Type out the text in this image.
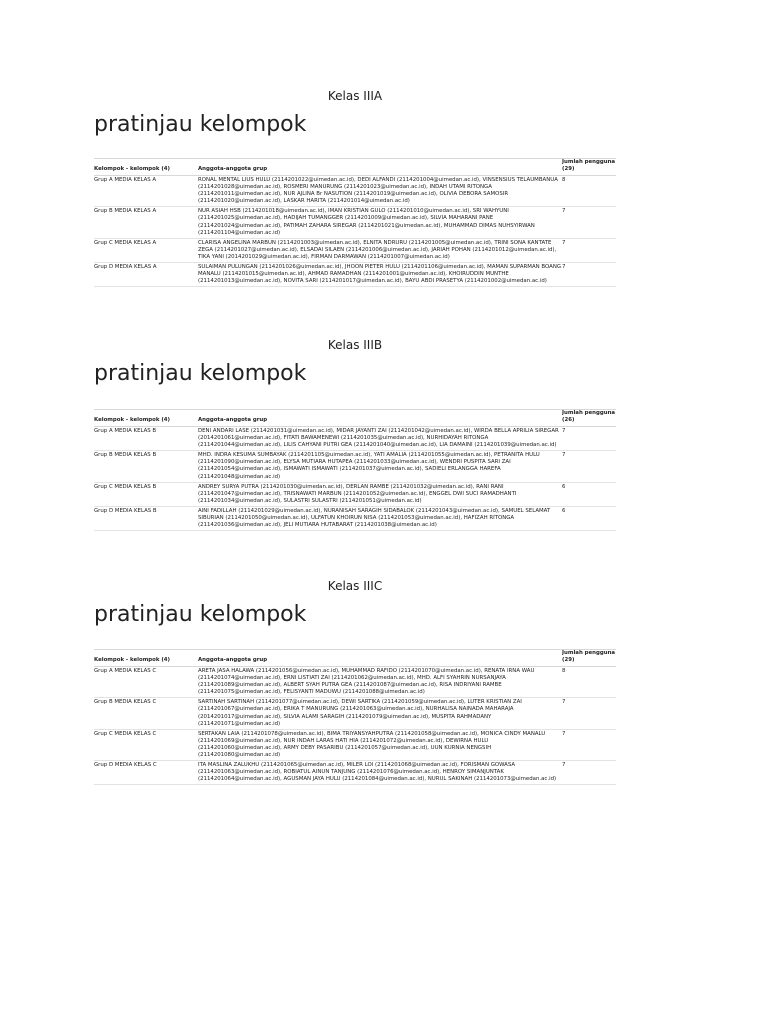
Kelas IIIA
pratinjau kelompok
Kelompok - kelompok (4)	Anggota-anggota grup	Jumlah pengguna (29)
Grup A MEDIA KELAS A	RONAL MENTAL LIUS HULU (2114201022@uimedan.ac.id), DEDI ALFANDI (2114201004@uimedan.ac.id), VINSENSIUS TELAUMBANUA (2114201028@uimedan.ac.id), ROSMERI MANURUNG (2114201023@uimedan.ac.id), INDAH UTAMI RITONGA (2114201011@uimedan.ac.id), NUR AJLINA Br NASUTION (2114201019@uimedan.ac.id), OLIVIA DEBORA SAMOSIR (2114201020@uimedan.ac.id), LASKAR HARITA (2114201014@uimedan.ac.id)	8
Grup B MEDIA KELAS A	NUR ASIAH HSB (2114201018@uimedan.ac.id), IMAN KRISTIAN GULO (2114201010@uimedan.ac.id), SRI WAHYUNI (2114201025@uimedan.ac.id), HADIJAH TUMANGGER (2114201009@uimedan.ac.id), SILVIA MAHARANI PANE (2114201024@uimedan.ac.id), PATIMAH ZAHARA SIREGAR (2114201021@uimedan.ac.id), MUHAMMAD DIMAS NUHSYIRWAN (2114201104@uimedan.ac.id)	7
Grup C MEDIA KELAS A	CLARISA ANGELINA MARBUN (2114201003@uimedan.ac.id), ELNITA NDRURU (2114201005@uimedan.ac.id), TRINI SONA KANTATE ZEGA (2114201027@uimedan.ac.id), ELSADAI SILAEN (2114201006@uimedan.ac.id), JARIAH POHAN (2114201012@uimedan.ac.id), TIKA YANI (2014201029@uimedan.ac.id), FIRMAN DARMAWAN (2114201007@uimedan.ac.id)	7
Grup D MEDIA KELAS A	SULAIMAN PULUNGAN (2114201026@uimedan.ac.id), JHOON PIETER HULU (2114201106@uimedan.ac.id), MAMAN SUPARMAN BOANG MANALU (2114201015@uimedan.ac.id), AHMAD RAMADHAN (2114201001@uimedan.ac.id), KHOIRUDDIN MUNTHE (2114201013@uimedan.ac.id), NOVITA SARI (2114201017@uimedan.ac.id), BAYU ABDI PRASETYA (2114201002@uimedan.ac.id)	7
Kelas IIIB
pratinjau kelompok
Kelompok - kelompok (4)	Anggota-anggota grup	Jumlah pengguna (26)
Grup A MEDIA KELAS B	DENI ANDARI LASE (2114201031@uimedan.ac.id), MIDAR JAYANTI ZAI (2114201042@uimedan.ac.id), WIRDA BELLA APRILIA SIREGAR (2014201061@uimedan.ac.id), FITATI BAWAMENEWI (2114201035@uimedan.ac.id), NURHIDAYAH RITONGA (2114201044@uimedan.ac.id), LILIS CAHYANI PUTRI GEA (2114201040@uimedan.ac.id), LIA DAMAINI (2114201039@uimedan.ac.id)	7
Grup B MEDIA KELAS B	MHD. INDRA KESUMA SUMBAYAK (2114201105@uimedan.ac.id), YATI AMALIA (2114201055@uimedan.ac.id), PETRANITA HULU (2114201090@uimedan.ac.id), ELYSA MUTIARA HUTAPEA (2114201033@uimedan.ac.id), WENDRI PUSPITA SARI ZAI (2114201054@uimedan.ac.id), ISMAWATI ISMAWATI (2114201037@uimedan.ac.id), SADIELI ERLANGGA HAREFA (2114201048@uimedan.ac.id)	7
Grup C MEDIA KELAS B	ANDREY SURYA PUTRA (2114201030@uimedan.ac.id), DERLAN RAMBE (2114201032@uimedan.ac.id), RANI RANI (2114201047@uimedan.ac.id), TRISNAWATI MARBUN (2114201052@uimedan.ac.id), ENGGEL DWI SUCI RAMADHANTI (2114201034@uimedan.ac.id), SULASTRI SULASTRI (2114201051@uimedan.ac.id)	6
Grup D MEDIA KELAS B	AINI FADILLAH (2114201029@uimedan.ac.id), NURANISAH SARAGIH SIDABALOK (2114201043@uimedan.ac.id), SAMUEL SELAMAT SIBURIAN (2114201050@uimedan.ac.id), ULFATUN KHOIRUN NISA (2114201053@uimedan.ac.id), HAFIZAH RITONGA (2114201036@uimedan.ac.id), JELI MUTIARA HUTABARAT (2114201038@uimedan.ac.id)	6
Kelas IIIC
pratinjau kelompok
Kelompok - kelompok (4)	Anggota-anggota grup	Jumlah pengguna (29)
Grup A MEDIA KELAS C	ARETA JASA HALAWA (2114201056@uimedan.ac.id), MUHAMMAD RAFIDO (2114201070@uimedan.ac.id), RENATA IRNA WAU (2114201074@uimedan.ac.id), ERNI LISTIATI ZAI (2114201062@uimedan.ac.id), MHD. ALFI SYAHRIN NURSANJAYA (2114201089@uimedan.ac.id), ALBERT SYAH PUTRA GEA (2114201087@uimedan.ac.id), RISA INDRIYANI RAMBE (2114201075@uimedan.ac.id), FELISYANTI MADUWU (2114201088@uimedan.ac.id)	8
Grup B MEDIA KELAS C	SARTINAH SARTINAH (2114201077@uimedan.ac.id), DEWI SARTIKA (2114201059@uimedan.ac.id), LUTER KRISTIAN ZAI (2114201067@uimedan.ac.id), ERIKA T MANURUNG (2114201063@uimedan.ac.id), NURHALISA NAINADA MAHARAJA (2014201017@uimedan.ac.id), SILVIA ALAMI SARAGIH (2114201079@uimedan.ac.id), MUSPITA RAHMADANY (2114201071@uimedan.ac.id)	7
Grup C MEDIA KELAS C	SERTAKAN LAIA (2114201078@uimedan.ac.id), BIMA TRIYANSYAHPUTRA (2114201058@uimedan.ac.id), MONICA CINDY MANALU (2114201069@uimedan.ac.id), NUR INDAH LARAS HATI HIA (2114201072@uimedan.ac.id), DEWIRNA HULU (2114201060@uimedan.ac.id), ARMY DEBY PASARIBU (2114201057@uimedan.ac.id), UUN KURNIA NENGSIH (2114201080@uimedan.ac.id)	7
Grup D MEDIA KELAS C	ITA MASLINA ZALUKHU (2114201065@uimedan.ac.id), MILER LOI (2114201068@uimedan.ac.id), FORISMAN GOWASA (2114201063@uimedan.ac.id), ROBIATUL AINUN TANJUNG (2114201076@uimedan.ac.id), HENROY SIMANJUNTAK (2114201064@uimedan.ac.id), AGUSMAN JAYA HULU (2114201084@uimedan.ac.id), NURUL SAKINAH (2114201073@uimedan.ac.id)	7
